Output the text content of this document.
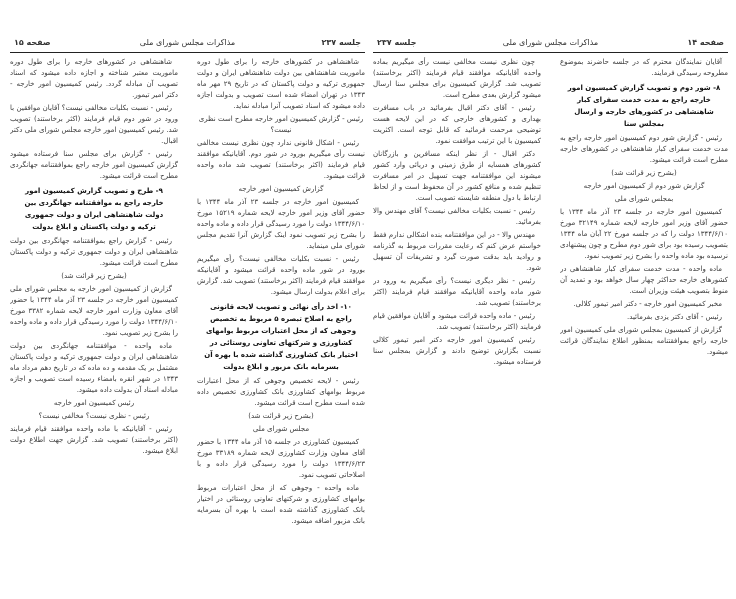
صفحه ۱۵	مذاکرات مجلس شورای ملی	جلسه ۲۳۷

شاهنشاهی در کشورهای خارجه را برای طول دوره ماموریت شاهنشاهی بین دولت شاهنشاهی ایران و دولت جمهوری ترکیه و دولت پاکستان که در تاریخ ۲۹ مهر ماه ۱۳۴۳ در تهران امضاء شده است تصویب و بدولت اجازه داده میشود که اسناد تصویب آنرا مبادله نماید.

رئیس - گزارش کمیسیون امور خارجه مطرح است نظری نیست؟

رئیس - اشکال قانونی ندارد چون نظری نیست مخالفی نیست رأی میگیریم بورود در شور دوم. آقایانیکه موافقند قیام فرمایند (اکثر برخاستند) تصویب شد ماده واحده قرائت میشود.

گزارش کمیسیون امور خارجه

کمیسیون امور خارجه در جلسه ۲۳ آذر ماه ۱۳۴۴ با حضور آقای وزیر امور خارجه لایحه شماره ۱۵۲۱۹ مورخ ۱۳۴۴/۶/۱۰ دولت را مورد رسیدگی قرار داده و ماده واحده را بشرح زیر تصویب نمود اینک گزارش آنرا تقدیم مجلس شورای ملی مینماید.

رئیس - نسبت بکلیات مخالفی نیست؟ رأی میگیریم بورود در شور ماده واحده قرائت میشود و آقایانیکه موافقند قیام فرمایند (اکثر برخاستند) تصویب شد. گزارش برای اعلام بدولت ارسال میشود.

۱۰- اخذ رأی نهائی و تصویب لایحه قانونی راجع به اصلاح تبصره ۵ مربوط به تخصیص وجوهی که از محل اعتبارات مربوط بوامهای کشاورزی و شرکتهای تعاونی روستائی در اختیار بانک کشاورزی گذاشته شده با بهره آن بسرمایه بانک مزبور و ابلاغ بدولت

رئیس - لایحه تخصیص وجوهی که از محل اعتبارات مربوط بوامهای کشاورزی بانک کشاورزی تخصیص داده شده است مطرح است قرائت میشود.

(بشرح زیر قرائت شد)

مجلس شورای ملی

کمیسیون کشاورزی در جلسه ۱۵ آذر ماه ۱۳۴۴ با حضور آقای معاون وزارت کشاورزی لایحه شماره ۳۳۱۸۹ مورخ ۱۳۴۴/۶/۲۳ دولت را مورد رسیدگی قرار داده و با اصلاحاتی تصویب نمود.

ماده واحده - وجوهی که از محل اعتبارات مربوط بوامهای کشاورزی و شرکتهای تعاونی روستائی در اختیار بانک کشاورزی گذاشته شده است با بهره آن بسرمایه بانک مزبور اضافه میشود.

شاهنشاهی در کشورهای خارجه را برای طول دوره ماموریت معتبر شناخته و اجازه داده میشود که اسناد تصویب آن مبادله گردد. رئیس کمیسیون امور خارجه - دکتر امیر تیمور.

رئیس - نسبت بکلیات مخالفی نیست؟ آقایان موافقین با ورود در شور دوم قیام فرمایند (اکثر برخاستند) تصویب شد. رئیس کمیسیون امور خارجه مجلس شورای ملی دکتر اقبال.

رئیس - گزارش برای مجلس سنا فرستاده میشود گزارش کمیسیون امور خارجه راجع بموافقتنامه جهانگردی مطرح است قرائت میشود.

۹- طرح و تصویب گزارش کمیسیون امور خارجه راجع به موافقتنامه جهانگردی بین دولت شاهنشاهی ایران و دولت جمهوری ترکیه و دولت پاکستان و ابلاغ بدولت

رئیس - گزارش راجع بموافقتنامه جهانگردی بین دولت شاهنشاهی ایران و دولت جمهوری ترکیه و دولت پاکستان مطرح است قرائت میشود.

(بشرح زیر قرائت شد)

گزارش از کمیسیون امور خارجه به مجلس شورای ملی کمیسیون امور خارجه در جلسه ۲۳ آذر ماه ۱۳۴۴ با حضور آقای معاون وزارت امور خارجه لایحه شماره ۳۳۸۲ مورخ ۱۳۴۴/۶/۱۰ دولت را مورد رسیدگی قرار داده و ماده واحده را بشرح زیر تصویب نمود.

ماده واحده - موافقتنامه جهانگردی بین دولت شاهنشاهی ایران و دولت جمهوری ترکیه و دولت پاکستان مشتمل بر یک مقدمه و ده ماده که در تاریخ دهم مرداد ماه ۱۳۴۳ در شهر انقره بامضاء رسیده است تصویب و اجازه مبادله اسناد آن بدولت داده میشود.

رئیس کمیسیون امور خارجه

رئیس - نظری نیست؟ مخالفی نیست؟

رئیس - آقایانیکه با ماده واحده موافقند قیام فرمایند (اکثر برخاستند) تصویب شد. گزارش جهت اطلاع دولت ابلاغ میشود.

جلسه ۲۳۷	مذاکرات مجلس شورای ملی	صفحه ۱۴

آقایان نمایندگان محترم که در جلسه حاضرند بموضوع مطروحه رسیدگی فرمایند.

۸- شور دوم و تصویب گزارش کمیسیون امور خارجه راجع به مدت خدمت سفرای کبار شاهنشاهی در کشورهای خارجه و ارسال بمجلس سنا

رئیس - گزارش شور دوم کمیسیون امور خارجه راجع به مدت خدمت سفرای کبار شاهنشاهی در کشورهای خارجه مطرح است قرائت میشود.

(بشرح زیر قرائت شد)

گزارش شور دوم از کمیسیون امور خارجه

بمجلس شورای ملی

کمیسیون امور خارجه در جلسه ۲۳ آذر ماه ۱۳۴۴ با حضور آقای وزیر امور خارجه لایحه شماره ۳۲۱۴۹ مورخ ۱۳۴۴/۶/۱۰ دولت را که در جلسه مورخ ۲۲ آبان ماه ۱۳۴۴ بتصویب رسیده بود برای شور دوم مطرح و چون پیشنهادی نرسیده بود ماده واحده را بشرح زیر تصویب نمود.

ماده واحده - مدت خدمت سفرای کبار شاهنشاهی در کشورهای خارجه حداکثر چهار سال خواهد بود و تمدید آن منوط بتصویب هیئت وزیران است.

مخبر کمیسیون امور خارجه - دکتر امیر تیمور کلالی.

رئیس - آقای دکتر یزدی بفرمائید.

گزارش از کمیسیون بمجلس شورای ملی کمیسیون امور خارجه راجع بموافقتنامه بمنظور اطلاع نمایندگان قرائت میشود.

چون نظری نیست مخالفی نیست رأی میگیریم بماده واحده آقایانیکه موافقند قیام فرمایند (اکثر برخاستند) تصویب شد. گزارش کمیسیون برای مجلس سنا ارسال میشود گزارش بعدی مطرح است.

رئیس - آقای دکتر اقبال بفرمائید در باب مسافرت بهداری و کشورهای خارجی که در این لایحه هست توضیحی مرحمت فرمائید که قابل توجه است. اکثریت کمیسیون با این ترتیب موافقت نمود.

دکتر اقبال - از نظر اینکه مسافرین و بازرگانان کشورهای همسایه از طرق زمینی و دریائی وارد کشور میشوند این موافقتنامه جهت تسهیل در امر مسافرت تنظیم شده و منافع کشور در آن محفوظ است و از لحاظ ارتباط با دول منطقه شایسته تصویب است.

رئیس - نسبت بکلیات مخالفی نیست؟ آقای مهندس والا بفرمائید.

مهندس والا - در این موافقتنامه بنده اشکالی ندارم فقط خواستم عرض کنم که رعایت مقررات مربوط به گذرنامه و روادید باید بدقت صورت گیرد و تشریفات آن تسهیل شود.

رئیس - نظر دیگری نیست؟ رأی میگیریم به ورود در شور ماده واحده آقایانیکه موافقند قیام فرمایند (اکثر برخاستند) تصویب شد.

رئیس - ماده واحده قرائت میشود و آقایان موافقین قیام فرمایند (اکثر برخاستند) تصویب شد.

رئیس کمیسیون امور خارجه دکتر امیر تیمور کلالی نسبت بگزارش توضیح دادند و گزارش بمجلس سنا فرستاده میشود.
